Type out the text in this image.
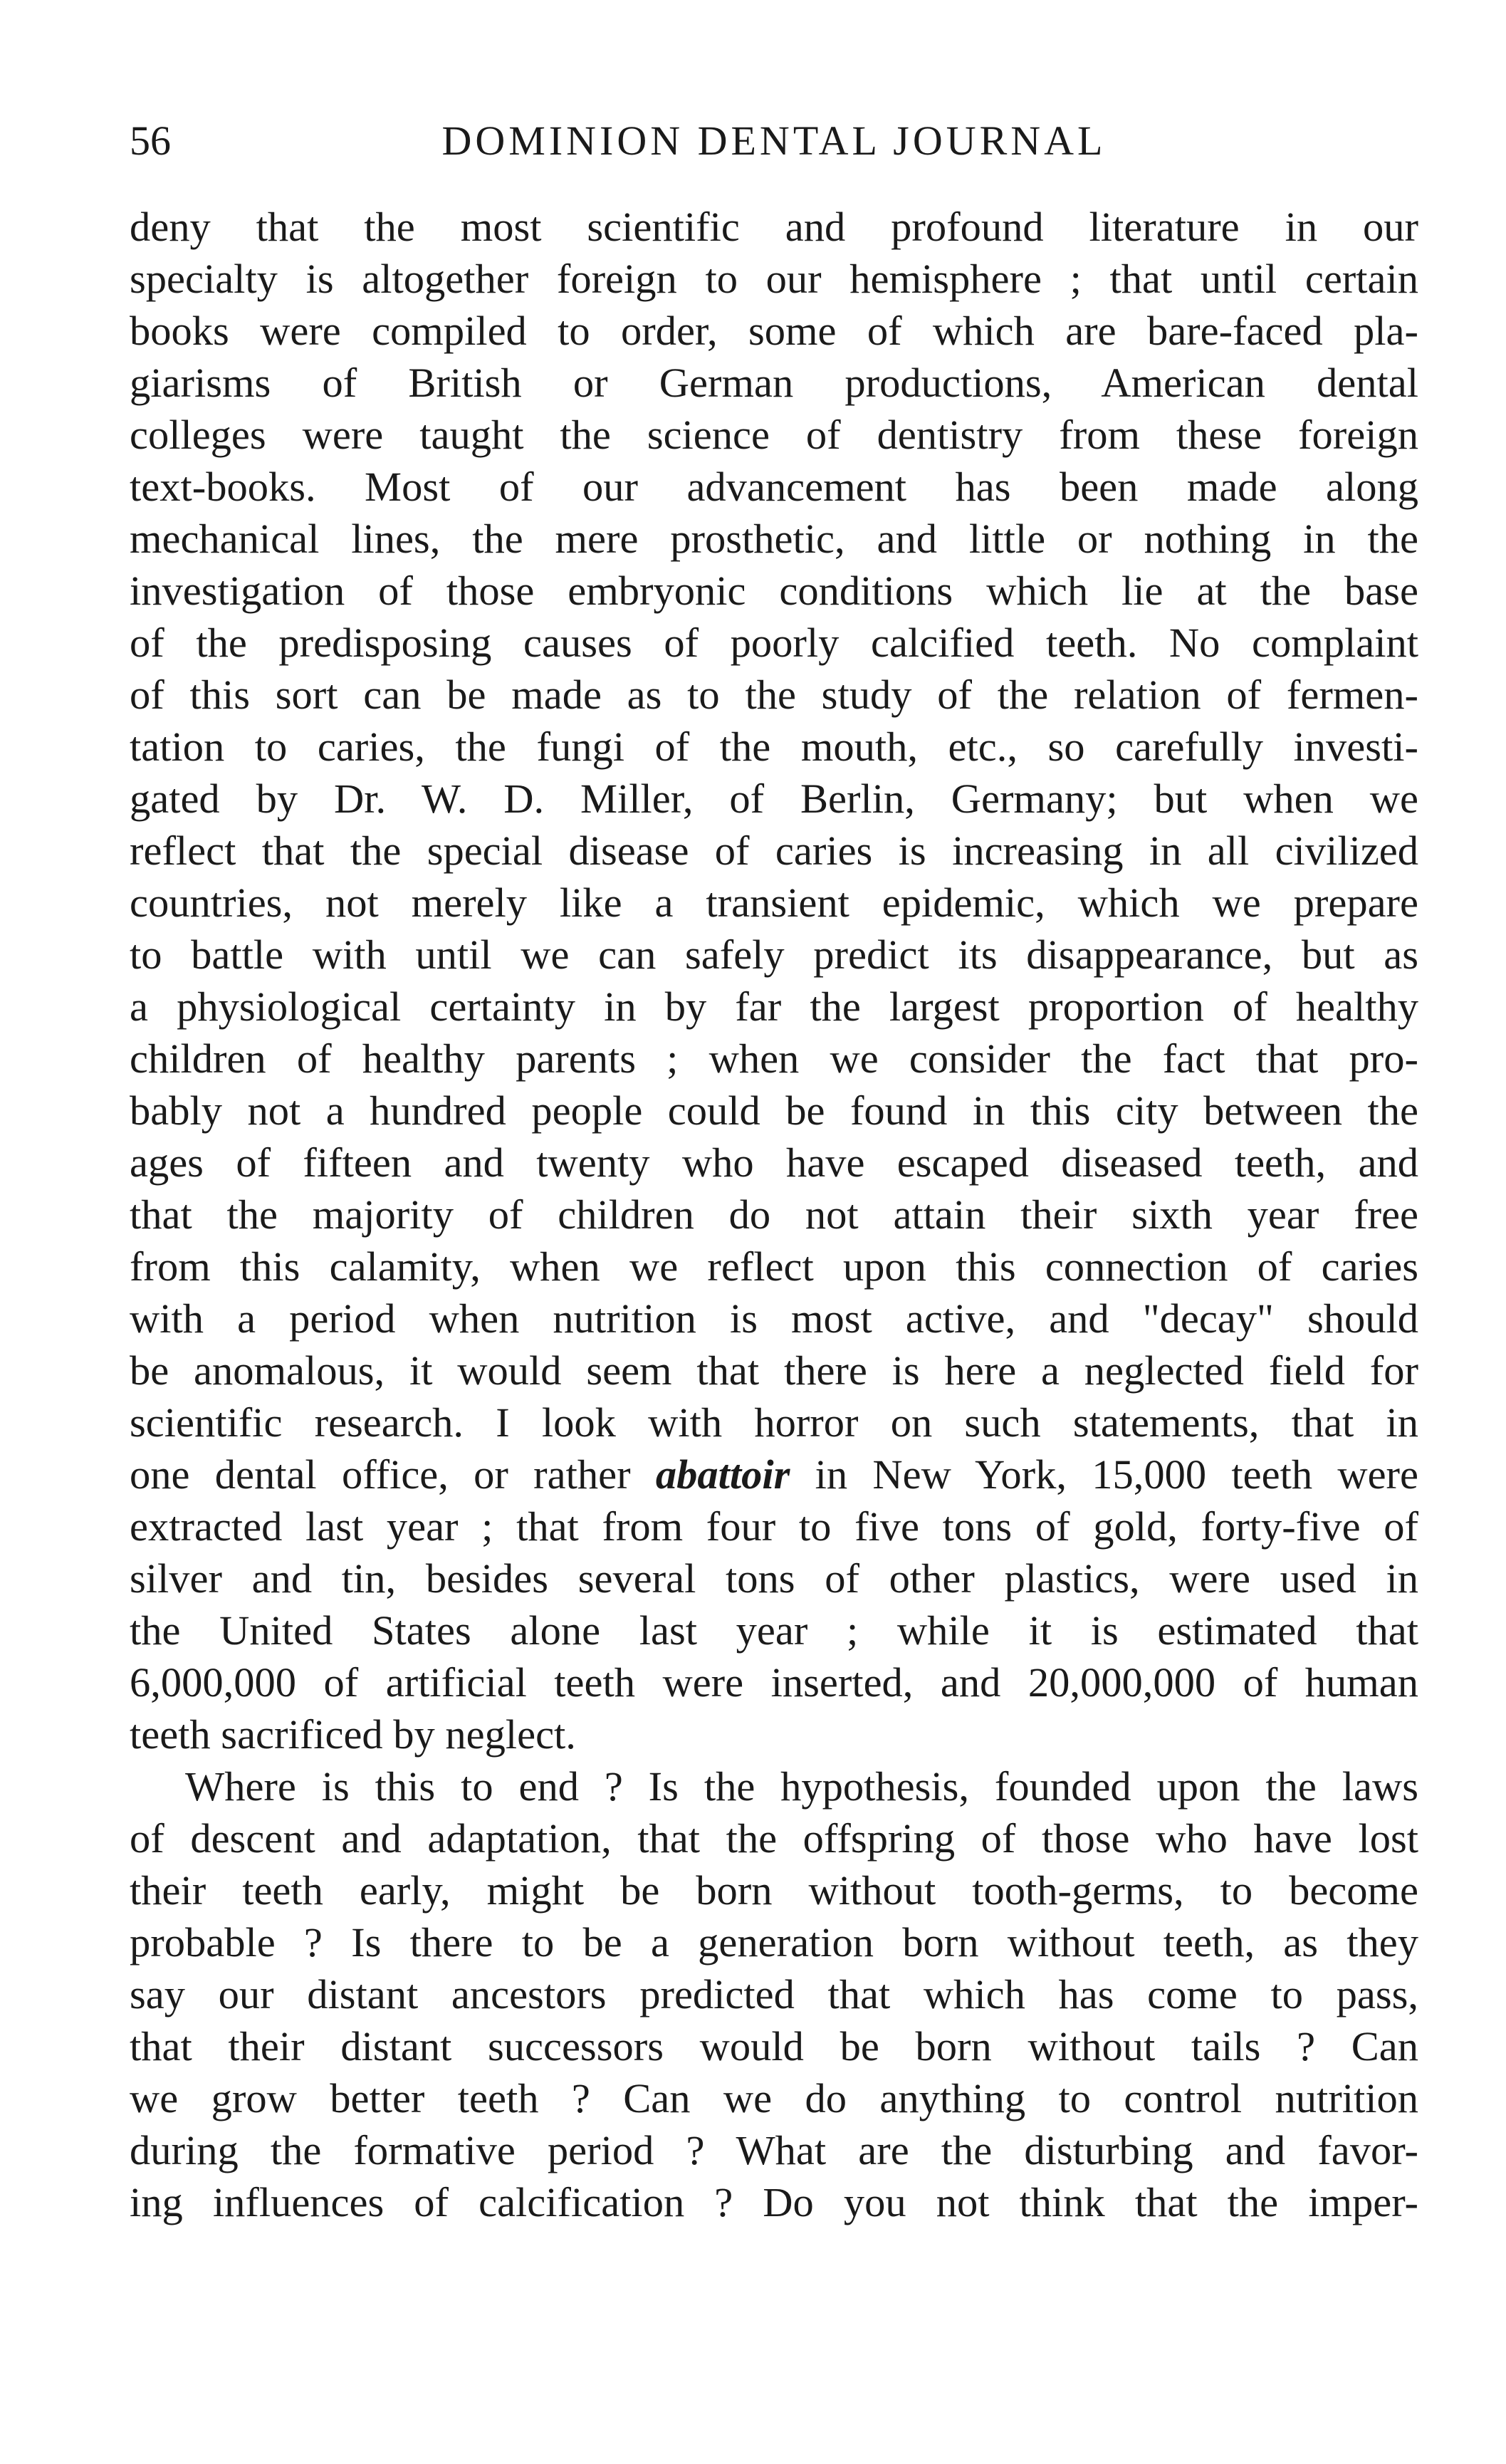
56	DOMINION DENTAL JOURNAL
deny that the most scientific and profound literature in our
specialty is altogether foreign to our hemisphere ; that until certain
books were compiled to order, some of which are bare-faced pla-
giarisms of British or German productions, American dental
colleges were taught the science of dentistry from these foreign
text-books. Most of our advancement has been made along
mechanical lines, the mere prosthetic, and little or nothing in the
investigation of those embryonic conditions which lie at the base
of the predisposing causes of poorly calcified teeth. No complaint
of this sort can be made as to the study of the relation of fermen-
tation to caries, the fungi of the mouth, etc., so carefully investi-
gated by Dr. W. D. Miller, of Berlin, Germany; but when we
reflect that the special disease of caries is increasing in all civilized
countries, not merely like a transient epidemic, which we prepare
to battle with until we can safely predict its disappearance, but as
a physiological certainty in by far the largest proportion of healthy
children of healthy parents ; when we consider the fact that pro-
bably not a hundred people could be found in this city between the
ages of fifteen and twenty who have escaped diseased teeth, and
that the majority of children do not attain their sixth year free
from this calamity, when we reflect upon this connection of caries
with a period when nutrition is most active, and "decay" should
be anomalous, it would seem that there is here a neglected field for
scientific research. I look with horror on such statements, that in
one dental office, or rather abattoir in New York, 15,000 teeth were
extracted last year ; that from four to five tons of gold, forty-five of
silver and tin, besides several tons of other plastics, were used in
the United States alone last year ; while it is estimated that
6,000,000 of artificial teeth were inserted, and 20,000,000 of human
teeth sacrificed by neglect.
Where is this to end ? Is the hypothesis, founded upon the laws
of descent and adaptation, that the offspring of those who have lost
their teeth early, might be born without tooth-germs, to become
probable ? Is there to be a generation born without teeth, as they
say our distant ancestors predicted that which has come to pass,
that their distant successors would be born without tails ? Can
we grow better teeth ? Can we do anything to control nutrition
during the formative period ? What are the disturbing and favor-
ing influences of calcification ? Do you not think that the imper-
